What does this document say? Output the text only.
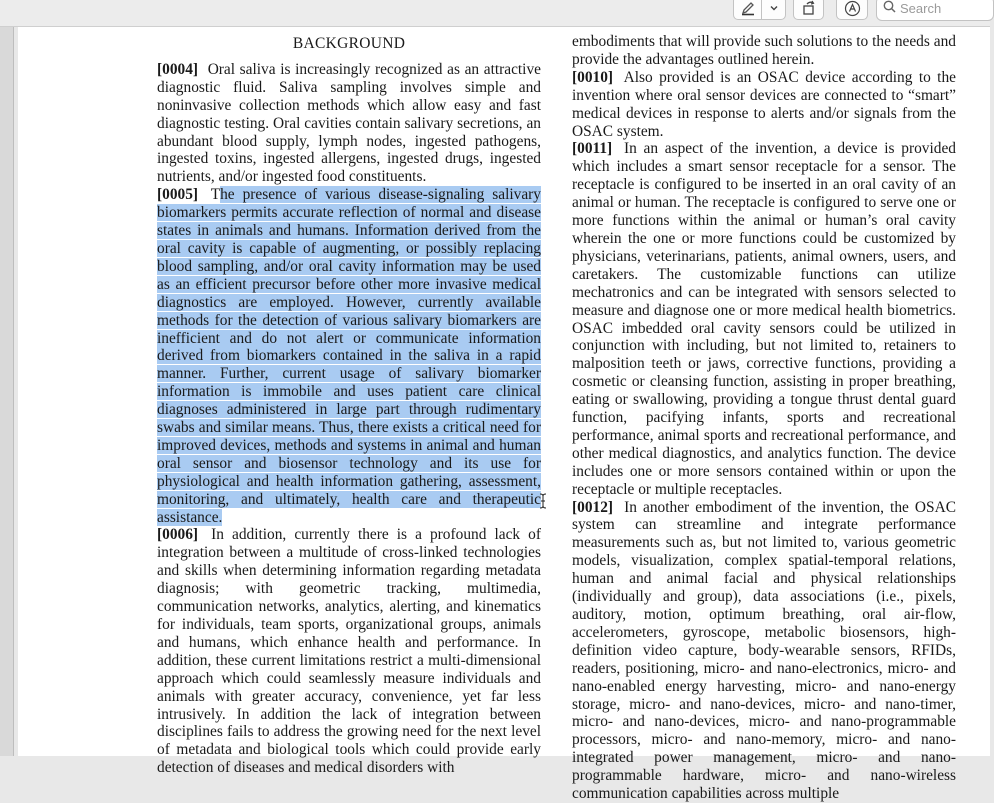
Search

BACKGROUND

[0004] Oral saliva is increasingly recognized as an attractive diagnostic fluid. Saliva sampling involves simple and noninvasive collection methods which allow easy and fast diagnostic testing. Oral cavities contain salivary secretions, an abundant blood supply, lymph nodes, ingested pathogens, ingested toxins, ingested allergens, ingested drugs, ingested nutrients, and/or ingested food constituents.

[0005] The presence of various disease-signaling salivary biomarkers permits accurate reflection of normal and disease states in animals and humans. Information derived from the oral cavity is capable of augmenting, or possibly replacing blood sampling, and/or oral cavity information may be used as an efficient precursor before other more invasive medical diagnostics are employed. However, currently available methods for the detection of various salivary biomarkers are inefficient and do not alert or communicate information derived from biomarkers contained in the saliva in a rapid manner. Further, current usage of salivary biomarker information is immobile and uses patient care clinical diagnoses administered in large part through rudimentary swabs and similar means. Thus, there exists a critical need for improved devices, methods and systems in animal and human oral sensor and biosensor technology and its use for physiological and health information gathering, assessment, monitoring, and ultimately, health care and therapeutic assistance.

[0006] In addition, currently there is a profound lack of integration between a multitude of cross-linked technologies and skills when determining information regarding metadata diagnosis; with geometric tracking, multimedia, communication networks, analytics, alerting, and kinematics for individuals, team sports, organizational groups, animals and humans, which enhance health and performance. In addition, these current limitations restrict a multi-dimensional approach which could seamlessly measure individuals and animals with greater accuracy, convenience, yet far less intrusively. In addition the lack of integration between disciplines fails to address the growing need for the next level of metadata and biological tools which could provide early detection of diseases and medical disorders with

embodiments that will provide such solutions to the needs and provide the advantages outlined herein.

[0010] Also provided is an OSAC device according to the invention where oral sensor devices are connected to “smart” medical devices in response to alerts and/or signals from the OSAC system.

[0011] In an aspect of the invention, a device is provided which includes a smart sensor receptacle for a sensor. The receptacle is configured to be inserted in an oral cavity of an animal or human. The receptacle is configured to serve one or more functions within the animal or human’s oral cavity wherein the one or more functions could be customized by physicians, veterinarians, patients, animal owners, users, and caretakers. The customizable functions can utilize mechatronics and can be integrated with sensors selected to measure and diagnose one or more medical health biometrics. OSAC imbedded oral cavity sensors could be utilized in conjunction with including, but not limited to, retainers to malposition teeth or jaws, corrective functions, providing a cosmetic or cleansing function, assisting in proper breathing, eating or swallowing, providing a tongue thrust dental guard function, pacifying infants, sports and recreational performance, animal sports and recreational performance, and other medical diagnostics, and analytics function. The device includes one or more sensors contained within or upon the receptacle or multiple receptacles.

[0012] In another embodiment of the invention, the OSAC system can streamline and integrate performance measurements such as, but not limited to, various geometric models, visualization, complex spatial-temporal relations, human and animal facial and physical relationships (individually and group), data associations (i.e., pixels, auditory, motion, optimum breathing, oral air-flow, accelerometers, gyroscope, metabolic biosensors, high-definition video capture, body-wearable sensors, RFIDs, readers, positioning, micro- and nano-electronics, micro- and nano-enabled energy harvesting, micro- and nano-energy storage, micro- and nano-devices, micro- and nano-timer, micro- and nano-devices, micro- and nano-programmable processors, micro- and nano-memory, micro- and nano-integrated power management, micro- and nano-programmable hardware, micro- and nano-wireless communication capabilities across multiple
